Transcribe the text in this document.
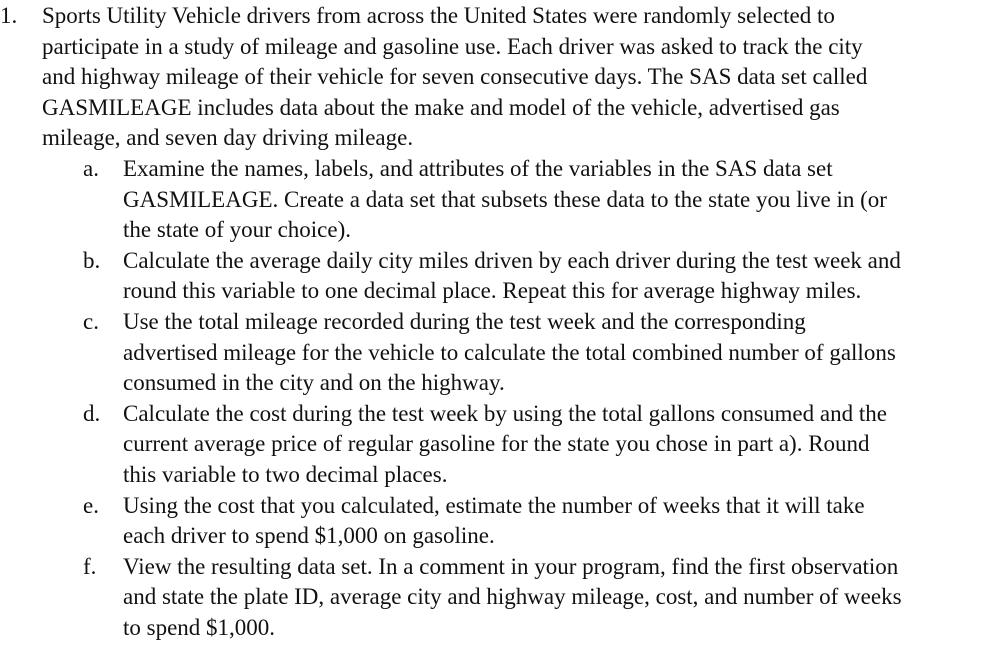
1. Sports Utility Vehicle drivers from across the United States were randomly selected to
participate in a study of mileage and gasoline use. Each driver was asked to track the city
and highway mileage of their vehicle for seven consecutive days. The SAS data set called
GASMILEAGE includes data about the make and model of the vehicle, advertised gas
mileage, and seven day driving mileage.
a. Examine the names, labels, and attributes of the variables in the SAS data set
GASMILEAGE. Create a data set that subsets these data to the state you live in (or
the state of your choice).
b. Calculate the average daily city miles driven by each driver during the test week and
round this variable to one decimal place. Repeat this for average highway miles.
c. Use the total mileage recorded during the test week and the corresponding
advertised mileage for the vehicle to calculate the total combined number of gallons
consumed in the city and on the highway.
d. Calculate the cost during the test week by using the total gallons consumed and the
current average price of regular gasoline for the state you chose in part a). Round
this variable to two decimal places.
e. Using the cost that you calculated, estimate the number of weeks that it will take
each driver to spend $1,000 on gasoline.
f. View the resulting data set. In a comment in your program, find the first observation
and state the plate ID, average city and highway mileage, cost, and number of weeks
to spend $1,000.
